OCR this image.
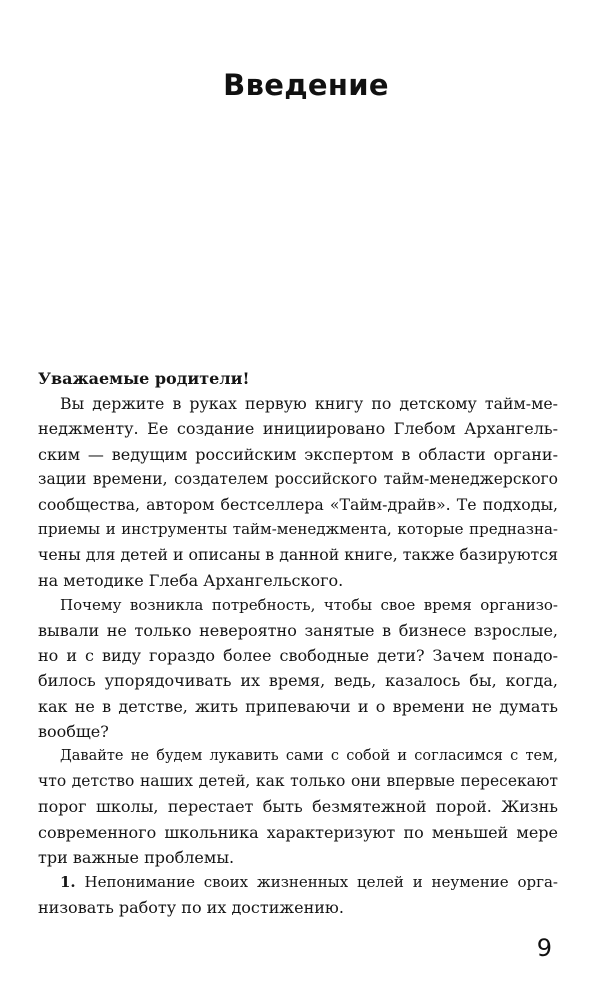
Введение
Уважаемые родители!
Вы держите в руках первую книгу по детскому тайм-ме-
неджменту. Ее создание инициировано Глебом Архангель-
ским — ведущим российским экспертом в области органи-
зации времени, создателем российского тайм-менеджерского
сообщества, автором бестселлера «Тайм-драйв». Те подходы,
приемы и инструменты тайм-менеджмента, которые предназна-
чены для детей и описаны в данной книге, также базируются
на методике Глеба Архангельского.
Почему возникла потребность, чтобы свое время организо-
вывали не только невероятно занятые в бизнесе взрослые,
но и с виду гораздо более свободные дети? Зачем понадо-
билось упорядочивать их время, ведь, казалось бы, когда,
как не в детстве, жить припеваючи и о времени не думать
вообще?
Давайте не будем лукавить сами с собой и согласимся с тем,
что детство наших детей, как только они впервые пересекают
порог школы, перестает быть безмятежной порой. Жизнь
современного школьника характеризуют по меньшей мере
три важные проблемы.
1. Непонимание своих жизненных целей и неумение орга-
низовать работу по их достижению.
9
